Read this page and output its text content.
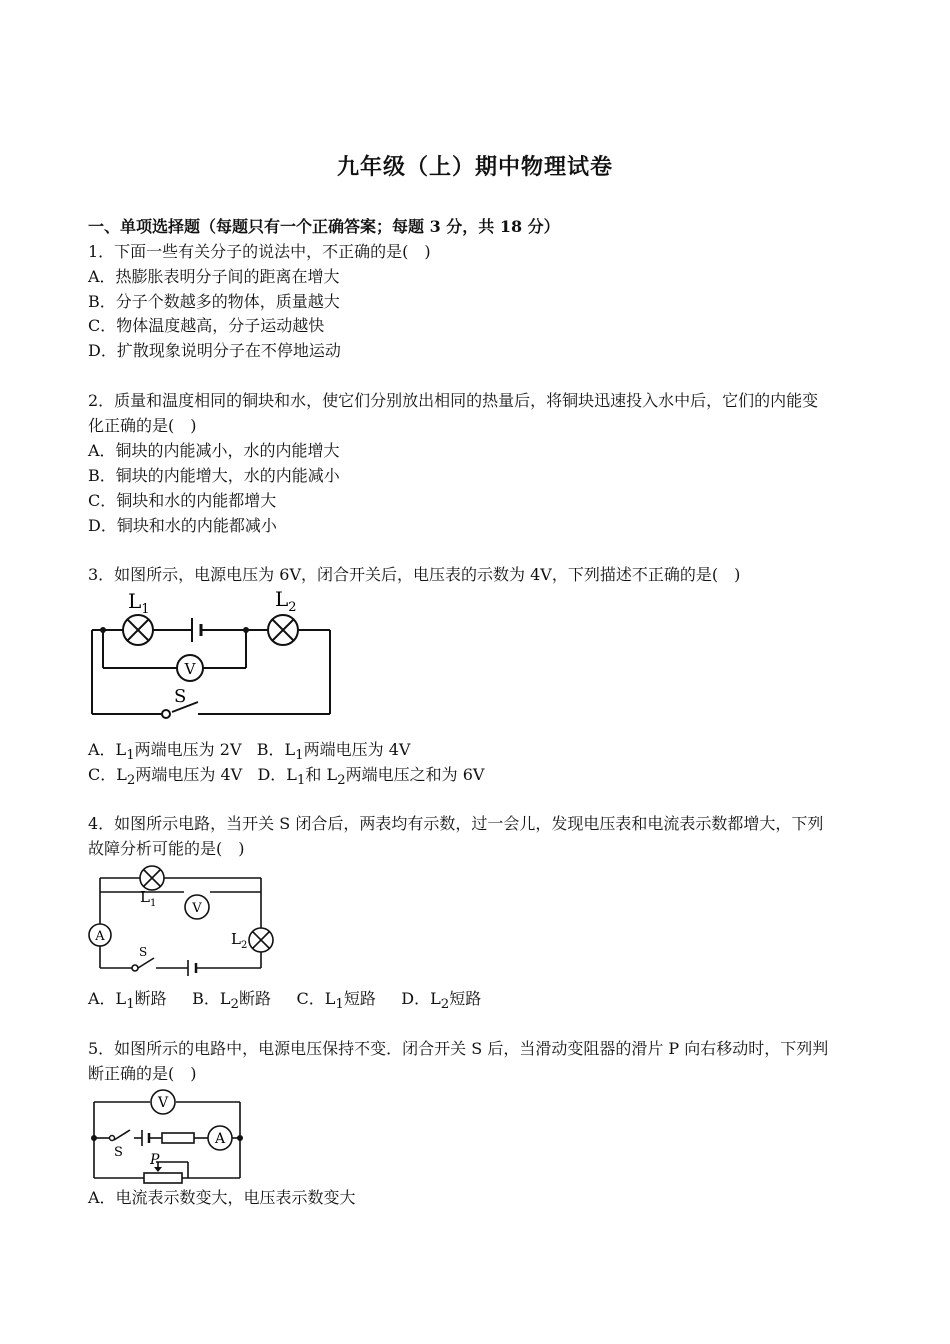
九年级（上）期中物理试卷
一、单项选择题（每题只有一个正确答案；每题 3 分，共 18 分）
1．下面一些有关分子的说法中，不正确的是(　)
A．热膨胀表明分子间的距离在增大
B．分子个数越多的物体，质量越大
C．物体温度越高，分子运动越快
D．扩散现象说明分子在不停地运动
2．质量和温度相同的铜块和水，使它们分别放出相同的热量后，将铜块迅速投入水中后，它们的内能变
化正确的是(　)
A．铜块的内能减小，水的内能增大
B．铜块的内能增大，水的内能减小
C．铜块和水的内能都增大
D．铜块和水的内能都减小
3．如图所示，电源电压为 6V，闭合开关后，电压表的示数为 4V，下列描述不正确的是(　)
V
$L_1$	$L_2$
S
A．$L_1$两端电压为 2V B．$L_1$两端电压为 4V
C．$L_2$两端电压为 4V D．$L_1$和 $L_2$两端电压之和为 6V
4．如图所示电路，当开关 S 闭合后，两表均有示数，过一会儿，发现电压表和电流表示数都增大，下列
故障分析可能的是(　)
V
A
$L_1$
$L_2$
S
A．$L_1$断路 B．$L_2$断路 C．$L_1$短路 D．$L_2$短路
5．如图所示的电路中，电源电压保持不变．闭合开关 S 后，当滑动变阻器的滑片 P 向右移动时，下列判
断正确的是(　)
V
A
S P
A．电流表示数变大，电压表示数变大
